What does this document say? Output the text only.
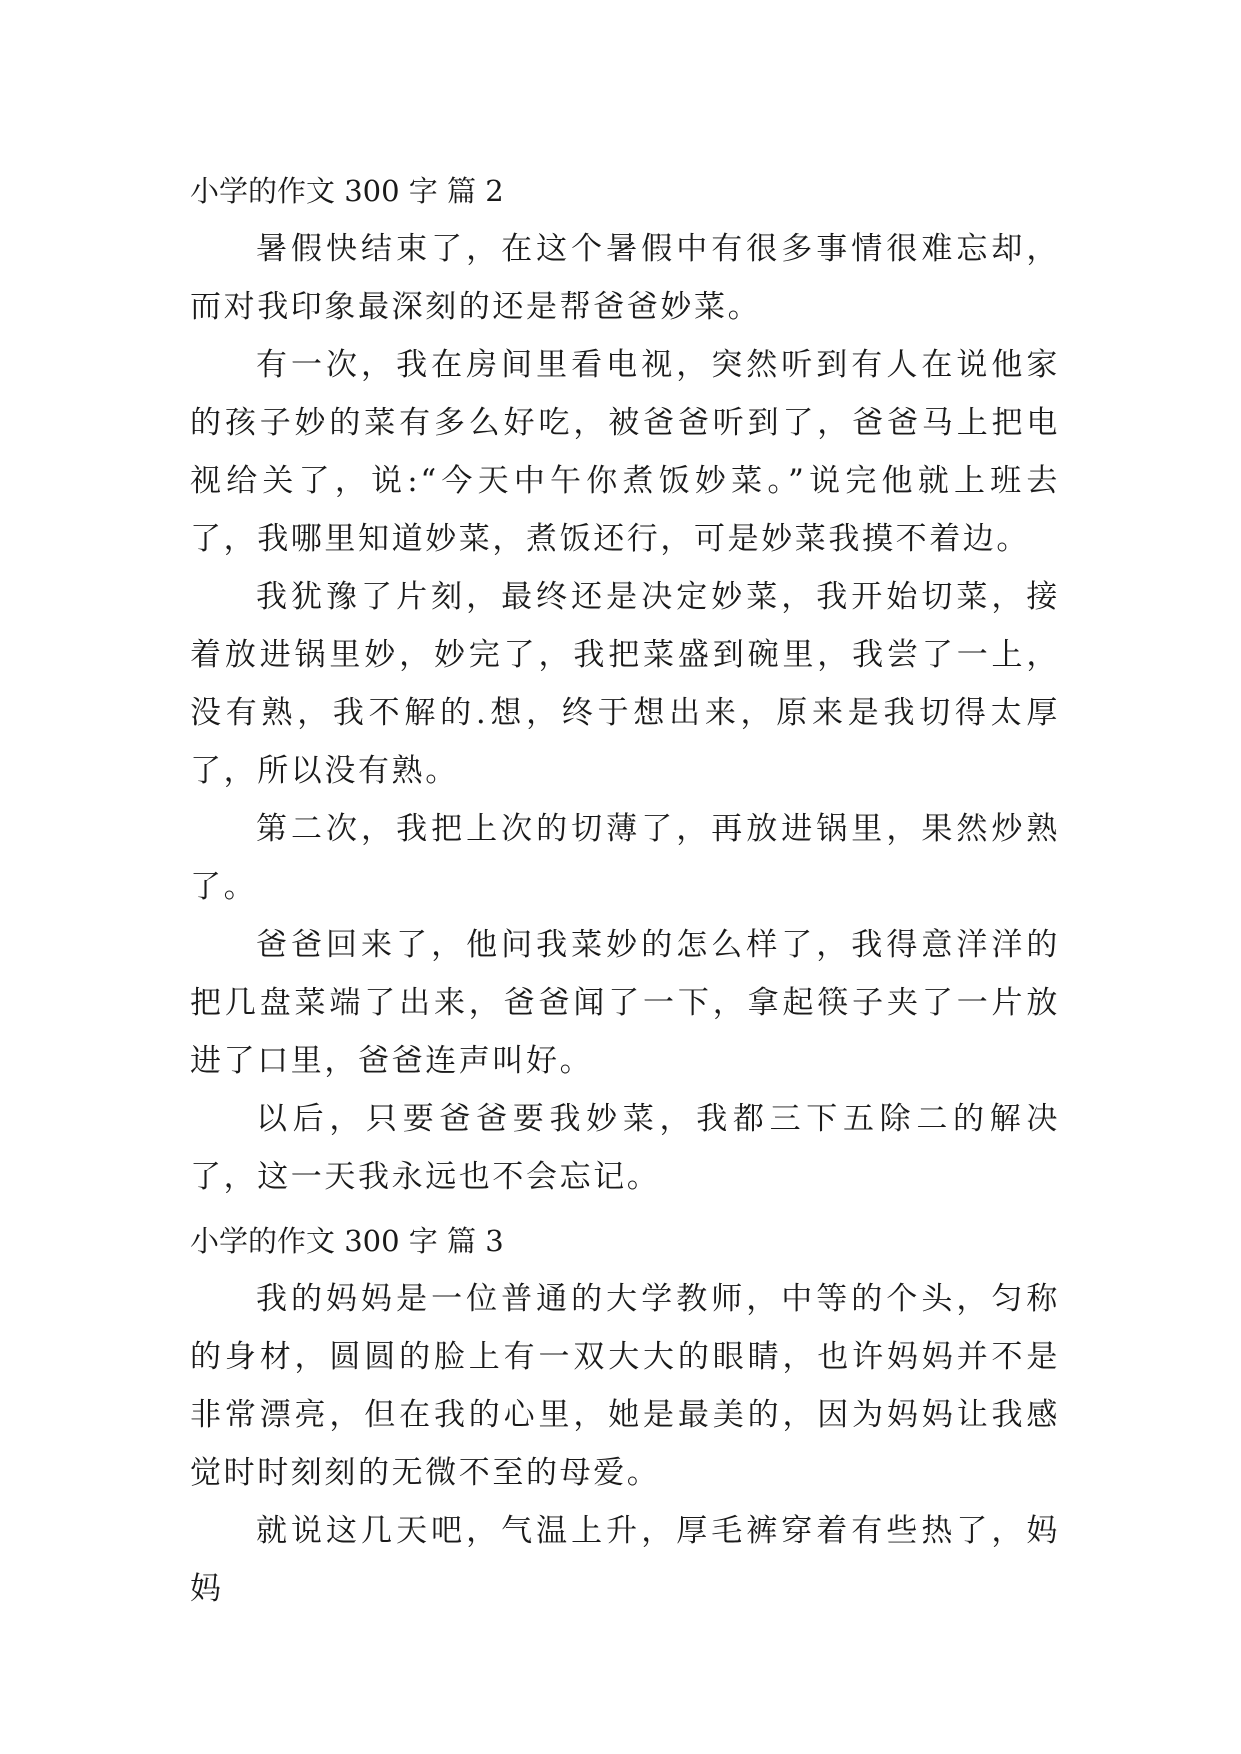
小学的作文 300 字 篇 2

暑假快结束了，在这个暑假中有很多事情很难忘却，而对我印象最深刻的还是帮爸爸妙菜。

有一次，我在房间里看电视，突然听到有人在说他家的孩子妙的菜有多么好吃，被爸爸听到了，爸爸马上把电视给关了，说:“今天中午你煮饭妙菜。”说完他就上班去了，我哪里知道妙菜，煮饭还行，可是妙菜我摸不着边。

我犹豫了片刻，最终还是决定妙菜，我开始切菜，接着放进锅里妙，妙完了，我把菜盛到碗里，我尝了一上，没有熟，我不解的.想，终于想出来，原来是我切得太厚了，所以没有熟。

第二次，我把上次的切薄了，再放进锅里，果然炒熟了。

爸爸回来了，他问我菜妙的怎么样了，我得意洋洋的把几盘菜端了出来，爸爸闻了一下，拿起筷子夹了一片放进了口里，爸爸连声叫好。

以后，只要爸爸要我妙菜，我都三下五除二的解决了，这一天我永远也不会忘记。

小学的作文 300 字 篇 3

我的妈妈是一位普通的大学教师，中等的个头，匀称的身材，圆圆的脸上有一双大大的眼睛，也许妈妈并不是非常漂亮，但在我的心里，她是最美的，因为妈妈让我感觉时时刻刻的无微不至的母爱。

就说这几天吧，气温上升，厚毛裤穿着有些热了，妈妈
